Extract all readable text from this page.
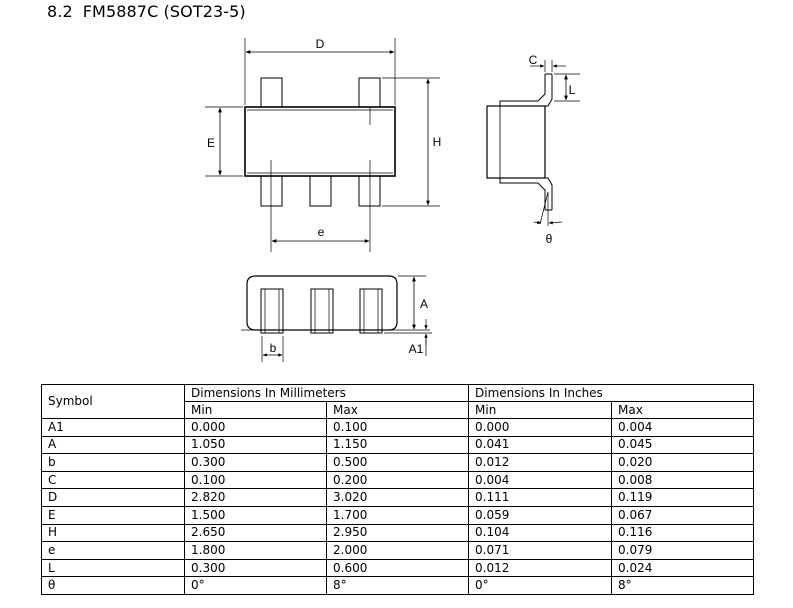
8.2 FM5887C (SOT23-5)
D
E	H
e
C
L
θ
A
A1
b
Symbol	Dimensions In Millimeters		Dimensions In Inches	
	Min	Max	Min	Max
A1	0.000	0.100	0.000	0.004
A	1.050	1.150	0.041	0.045
b	0.300	0.500	0.012	0.020
C	0.100	0.200	0.004	0.008
D	2.820	3.020	0.111	0.119
E	1.500	1.700	0.059	0.067
H	2.650	2.950	0.104	0.116
e	1.800	2.000	0.071	0.079
L	0.300	0.600	0.012	0.024
θ	0°	8°	0°	8°
